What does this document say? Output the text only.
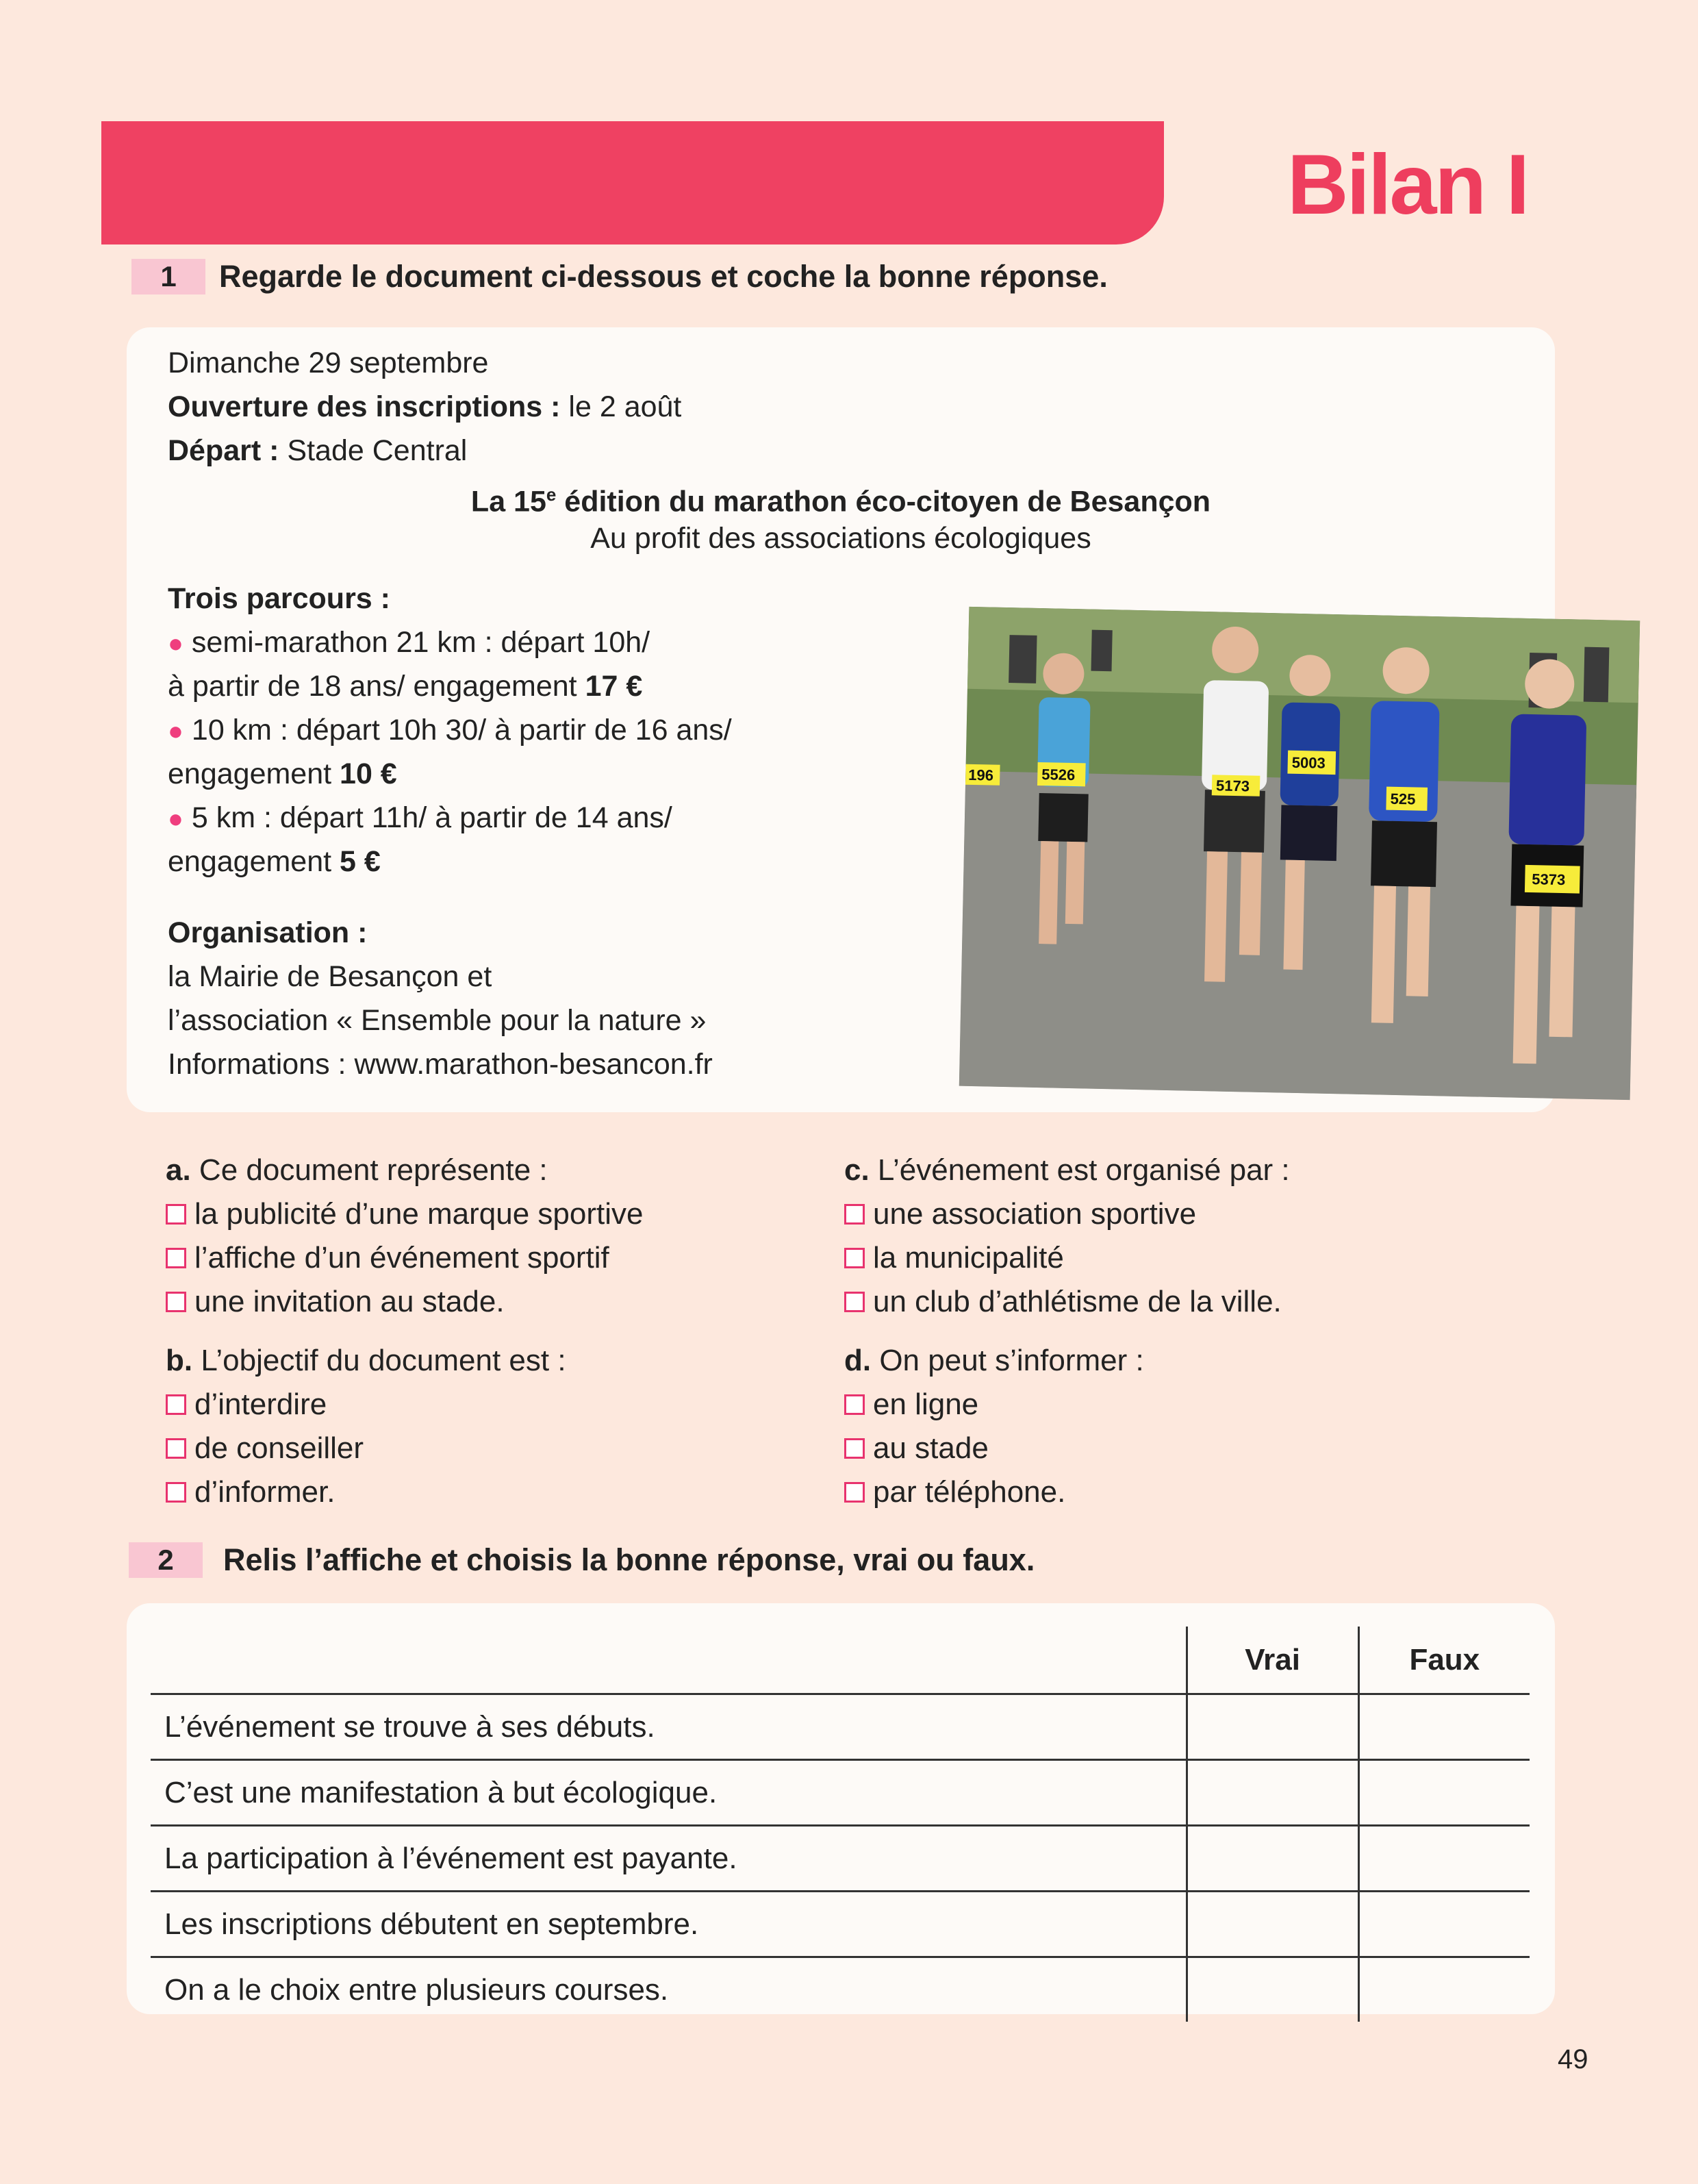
Bilan I
1	Regarde le document ci-dessous et coche la bonne réponse.
Dimanche 29 septembre
Ouverture des inscriptions : le 2 août
Départ : Stade Central
La 15e édition du marathon éco-citoyen de Besançon
Au profit des associations écologiques
Trois parcours :
● semi-marathon 21 km : départ 10h/
à partir de 18 ans/ engagement 17 €
● 10 km : départ 10h 30/ à partir de 16 ans/
engagement 10 €
● 5 km : départ 11h/ à partir de 14 ans/
engagement 5 €
Organisation :
la Mairie de Besançon et
l’association « Ensemble pour la nature »
Informations : www.marathon-besancon.fr
5526
5003
525
5373
5173
196
a. Ce document représente :
la publicité d’une marque sportive
l’affiche d’un événement sportif
une invitation au stade.
b. L’objectif du document est :
d’interdire
de conseiller
d’informer.
c. L’événement est organisé par :
une association sportive
la municipalité
un club d’athlétisme de la ville.
d. On peut s’informer :
en ligne
au stade
par téléphone.
2	Relis l’affiche et choisis la bonne réponse, vrai ou faux.
	Vrai	Faux
L’événement se trouve à ses débuts.		
C’est une manifestation à but écologique.		
La participation à l’événement est payante.		
Les inscriptions débutent en septembre.		
On a le choix entre plusieurs courses.		
49
